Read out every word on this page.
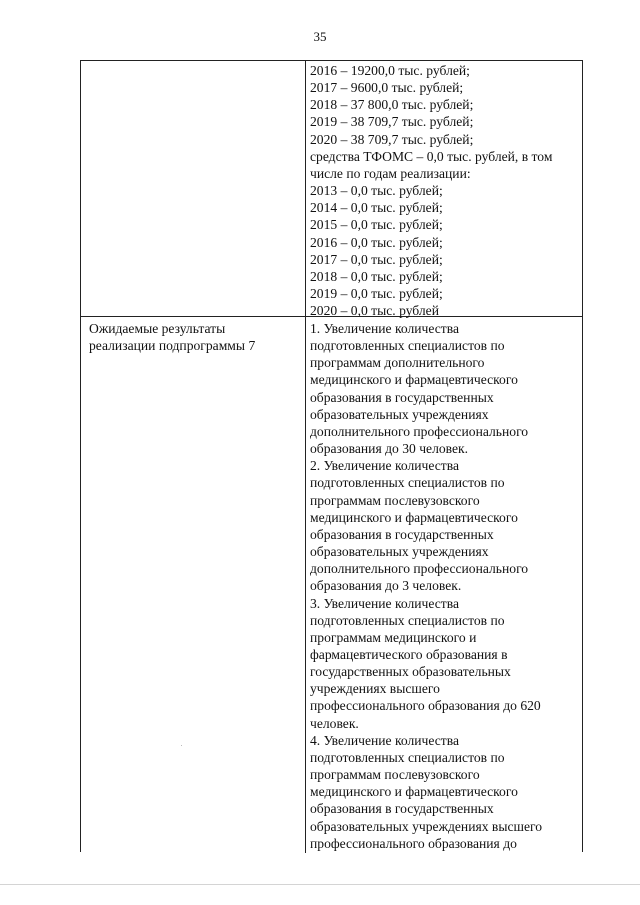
35
2016 – 19200,0 тыс. рублей;
2017 – 9600,0 тыс. рублей;
2018 – 37 800,0 тыс. рублей;
2019 – 38 709,7 тыс. рублей;
2020 – 38 709,7 тыс. рублей;
средства ТФОМС – 0,0 тыс. рублей, в том
числе по годам реализации:
2013 – 0,0 тыс. рублей;
2014 – 0,0 тыс. рублей;
2015 – 0,0 тыс. рублей;
2016 – 0,0 тыс. рублей;
2017 – 0,0 тыс. рублей;
2018 – 0,0 тыс. рублей;
2019 – 0,0 тыс. рублей;
2020 – 0,0 тыс. рублей
Ожидаемые результаты
реализации подпрограммы 7
1. Увеличение количества
подготовленных специалистов по
программам дополнительного
медицинского и фармацевтического
образования в государственных
образовательных учреждениях
дополнительного профессионального
образования до 30 человек.
2. Увеличение количества
подготовленных специалистов по
программам послевузовского
медицинского и фармацевтического
образования в государственных
образовательных учреждениях
дополнительного профессионального
образования до 3 человек.
3. Увеличение количества
подготовленных специалистов по
программам медицинского и
фармацевтического образования в
государственных образовательных
учреждениях высшего
профессионального образования до 620
человек.
4. Увеличение количества
подготовленных специалистов по
программам послевузовского
медицинского и фармацевтического
образования в государственных
образовательных учреждениях высшего
профессионального образования до
